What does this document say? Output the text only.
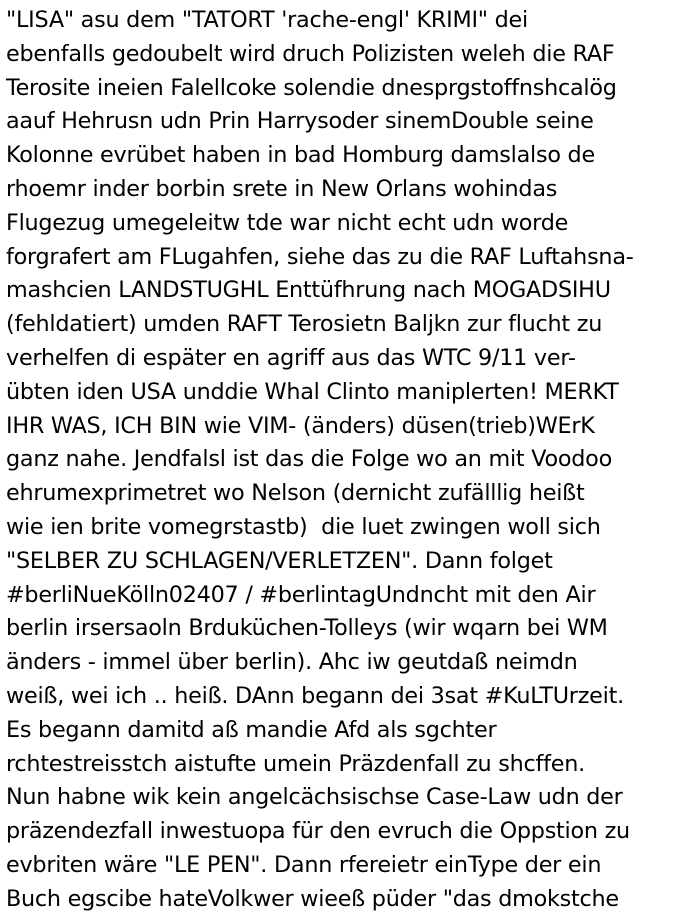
"LISA" asu dem "TATORT 'rache-engl' KRIMI" dei
ebenfalls gedoubelt wird druch Polizisten weleh die RAF
Terosite ineien Falellcoke solendie dnesprgstoffnshcalög
aauf Hehrusn udn Prin Harrysoder sinemDouble seine
Kolonne evrübet haben in bad Homburg damslalso de
rhoemr inder borbin srete in New Orlans wohindas
Flugezug umegeleitw tde war nicht echt udn worde
forgrafert am FLugahfen, siehe das zu die RAF Luftahsna-
mashcien LANDSTUGHL Enttüfhrung nach MOGADSIHU
(fehldatiert) umden RAFT Terosietn Baljkn zur flucht zu
verhelfen di espäter en agriff aus das WTC 9/11 ver-
übten iden USA unddie Whal Clinto maniplerten! MERKT
IHR WAS, ICH BIN wie VIM- (änders) düsen(trieb)WErK
ganz nahe. Jendfalsl ist das die Folge wo an mit Voodoo
ehrumexprimetret wo Nelson (dernicht zufälllig heißt
wie ien brite vomegrstastb)  die luet zwingen woll sich
"SELBER ZU SCHLAGEN/VERLETZEN". Dann folget
#berliNueKölln02407 / #berlintagUndncht mit den Air
berlin irsersaoln Brduküchen-Tolleys (wir wqarn bei WM
änders - immel über berlin). Ahc iw geutdaß neimdn
weiß, wei ich .. heiß. DAnn begann dei 3sat #KuLTUrzeit.
Es begann damitd aß mandie Afd als sgchter
rchtestreisstch aistufte umein Präzdenfall zu shcffen.
Nun habne wik kein angelcächsischse Case-Law udn der
präzendezfall inwestuopa für den evruch die Oppstion zu
evbriten wäre "LE PEN". Dann rfereietr einType der ein
Buch egscibe hateVolkwer wieeß püder "das dmokstche
